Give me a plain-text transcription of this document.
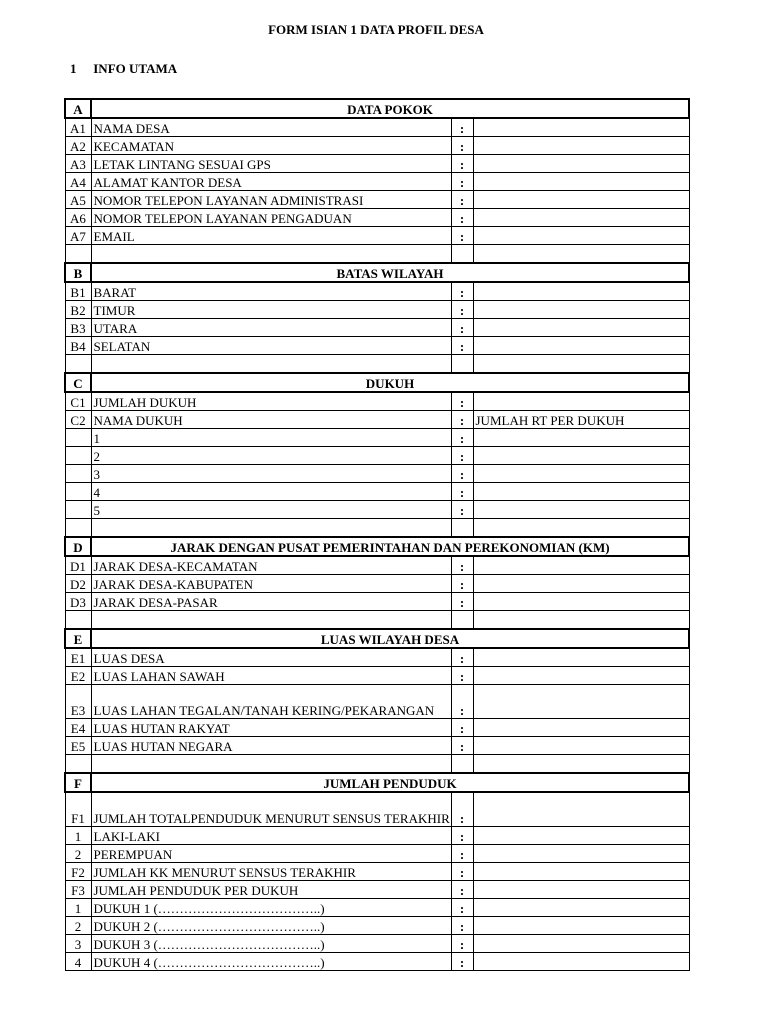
FORM ISIAN 1 DATA PROFIL DESA
1 INFO UTAMA
A	DATA POKOK		
A1	NAMA DESA	:	
A2	KECAMATAN	:	
A3	LETAK LINTANG SESUAI GPS	:	
A4	ALAMAT KANTOR DESA	:	
A5	NOMOR TELEPON LAYANAN ADMINISTRASI	:	
A6	NOMOR TELEPON LAYANAN PENGADUAN	:	
A7	EMAIL	:	

B	BATAS WILAYAH		
B1	BARAT	:	
B2	TIMUR	:	
B3	UTARA	:	
B4	SELATAN	:	

C	DUKUH		
C1	JUMLAH DUKUH	:	
C2	NAMA DUKUH	:	JUMLAH RT PER DUKUH
	1	:	
	2	:	
	3	:	
	4	:	
	5	:	

D	JARAK DENGAN PUSAT PEMERINTAHAN DAN PEREKONOMIAN (KM)		
D1	JARAK DESA-KECAMATAN	:	
D2	JARAK DESA-KABUPATEN	:	
D3	JARAK DESA-PASAR	:	

E	LUAS WILAYAH DESA		
E1	LUAS DESA	:	
E2	LUAS LAHAN SAWAH	:	
E3	LUAS LAHAN TEGALAN/TANAH KERING/PEKARANGAN	:	
E4	LUAS HUTAN RAKYAT	:	
E5	LUAS HUTAN NEGARA	:	

F	JUMLAH PENDUDUK		
F1	JUMLAH TOTALPENDUDUK MENURUT SENSUS TERAKHIR	:	
1	LAKI-LAKI	:	
2	PEREMPUAN	:	
F2	JUMLAH KK MENURUT SENSUS TERAKHIR	:	
F3	JUMLAH PENDUDUK PER DUKUH	:	
1	DUKUH 1 (………………………………..)	:	
2	DUKUH 2 (………………………………..)	:	
3	DUKUH 3 (………………………………..)	:	
4	DUKUH 4 (………………………………..)	:	
